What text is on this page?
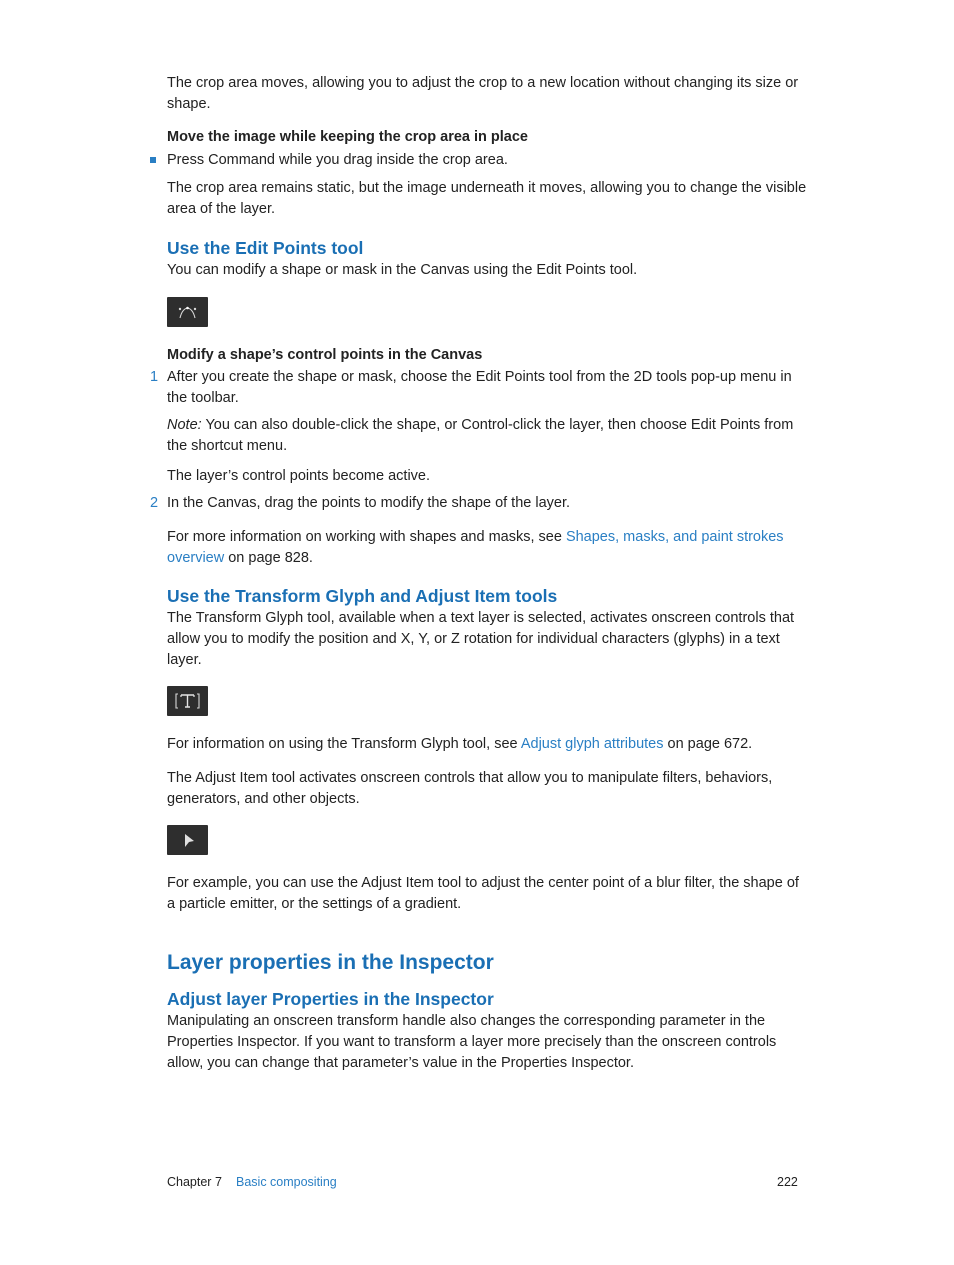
The crop area moves, allowing you to adjust the crop to a new location without changing its size or shape.

Move the image while keeping the crop area in place

Press Command while you drag inside the crop area.

The crop area remains static, but the image underneath it moves, allowing you to change the visible area of the layer.

Use the Edit Points tool

You can modify a shape or mask in the Canvas using the Edit Points tool.

Modify a shape’s control points in the Canvas

1 After you create the shape or mask, choose the Edit Points tool from the 2D tools pop-up menu in the toolbar.

Note: You can also double-click the shape, or Control-click the layer, then choose Edit Points from the shortcut menu.

The layer’s control points become active.

2 In the Canvas, drag the points to modify the shape of the layer.

For more information on working with shapes and masks, see Shapes, masks, and paint strokes overview on page 828.

Use the Transform Glyph and Adjust Item tools

The Transform Glyph tool, available when a text layer is selected, activates onscreen controls that allow you to modify the position and X, Y, or Z rotation for individual characters (glyphs) in a text layer.

For information on using the Transform Glyph tool, see Adjust glyph attributes on page 672.

The Adjust Item tool activates onscreen controls that allow you to manipulate filters, behaviors, generators, and other objects.

For example, you can use the Adjust Item tool to adjust the center point of a blur filter, the shape of a particle emitter, or the settings of a gradient.

Layer properties in the Inspector
Adjust layer Properties in the Inspector

Manipulating an onscreen transform handle also changes the corresponding parameter in the Properties Inspector. If you want to transform a layer more precisely than the onscreen controls allow, you can change that parameter’s value in the Properties Inspector.

Chapter 7 Basic compositing	222
